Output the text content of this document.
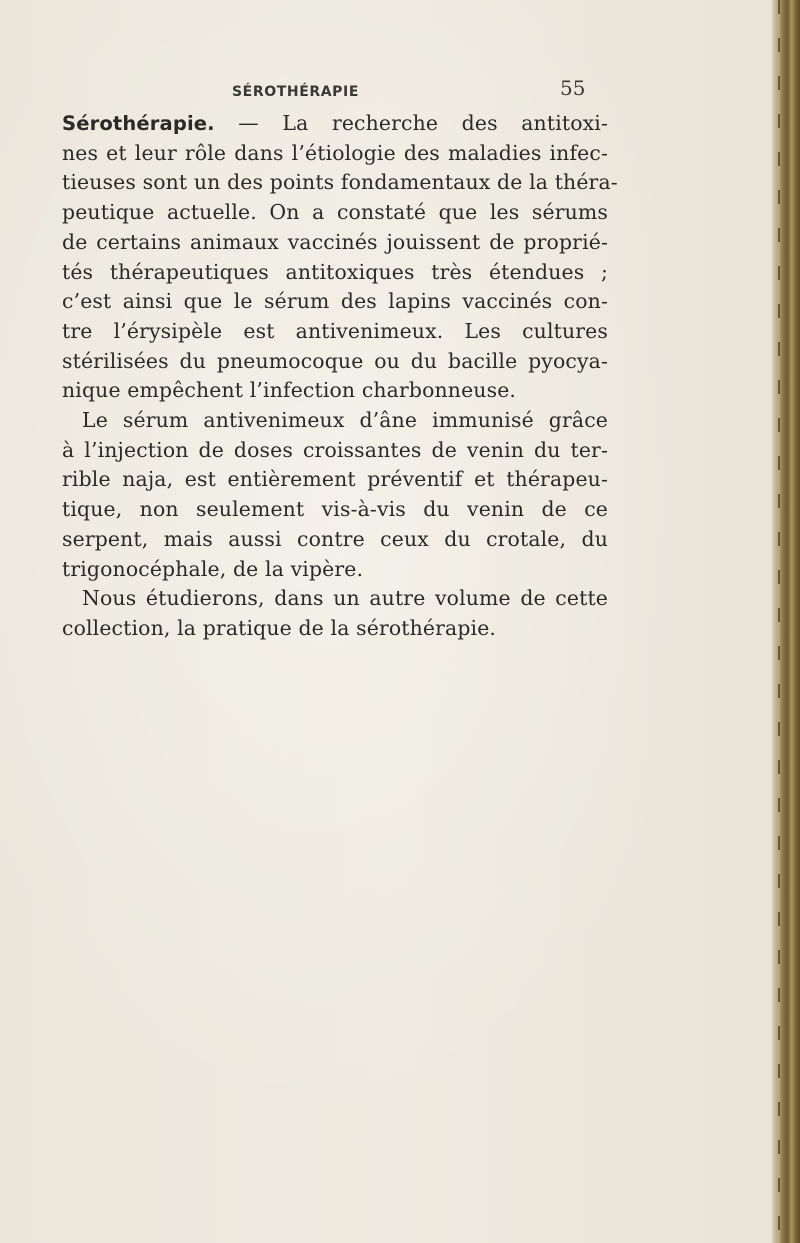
SÉROTHÉRAPIE	55
Sérothérapie. — La recherche des antitoxi-
nes et leur rôle dans l’étiologie des maladies infec-
tieuses sont un des points fondamentaux de la théra-
peutique actuelle. On a constaté que les sérums
de certains animaux vaccinés jouissent de proprié-
tés thérapeutiques antitoxiques très étendues ;
c’est ainsi que le sérum des lapins vaccinés con-
tre l’érysipèle est antivenimeux. Les cultures
stérilisées du pneumocoque ou du bacille pyocya-
nique empêchent l’infection charbonneuse.
Le sérum antivenimeux d’âne immunisé grâce
à l’injection de doses croissantes de venin du ter-
rible naja, est entièrement préventif et thérapeu-
tique, non seulement vis-à-vis du venin de ce
serpent, mais aussi contre ceux du crotale, du
trigonocéphale, de la vipère.
Nous étudierons, dans un autre volume de cette
collection, la pratique de la sérothérapie.
